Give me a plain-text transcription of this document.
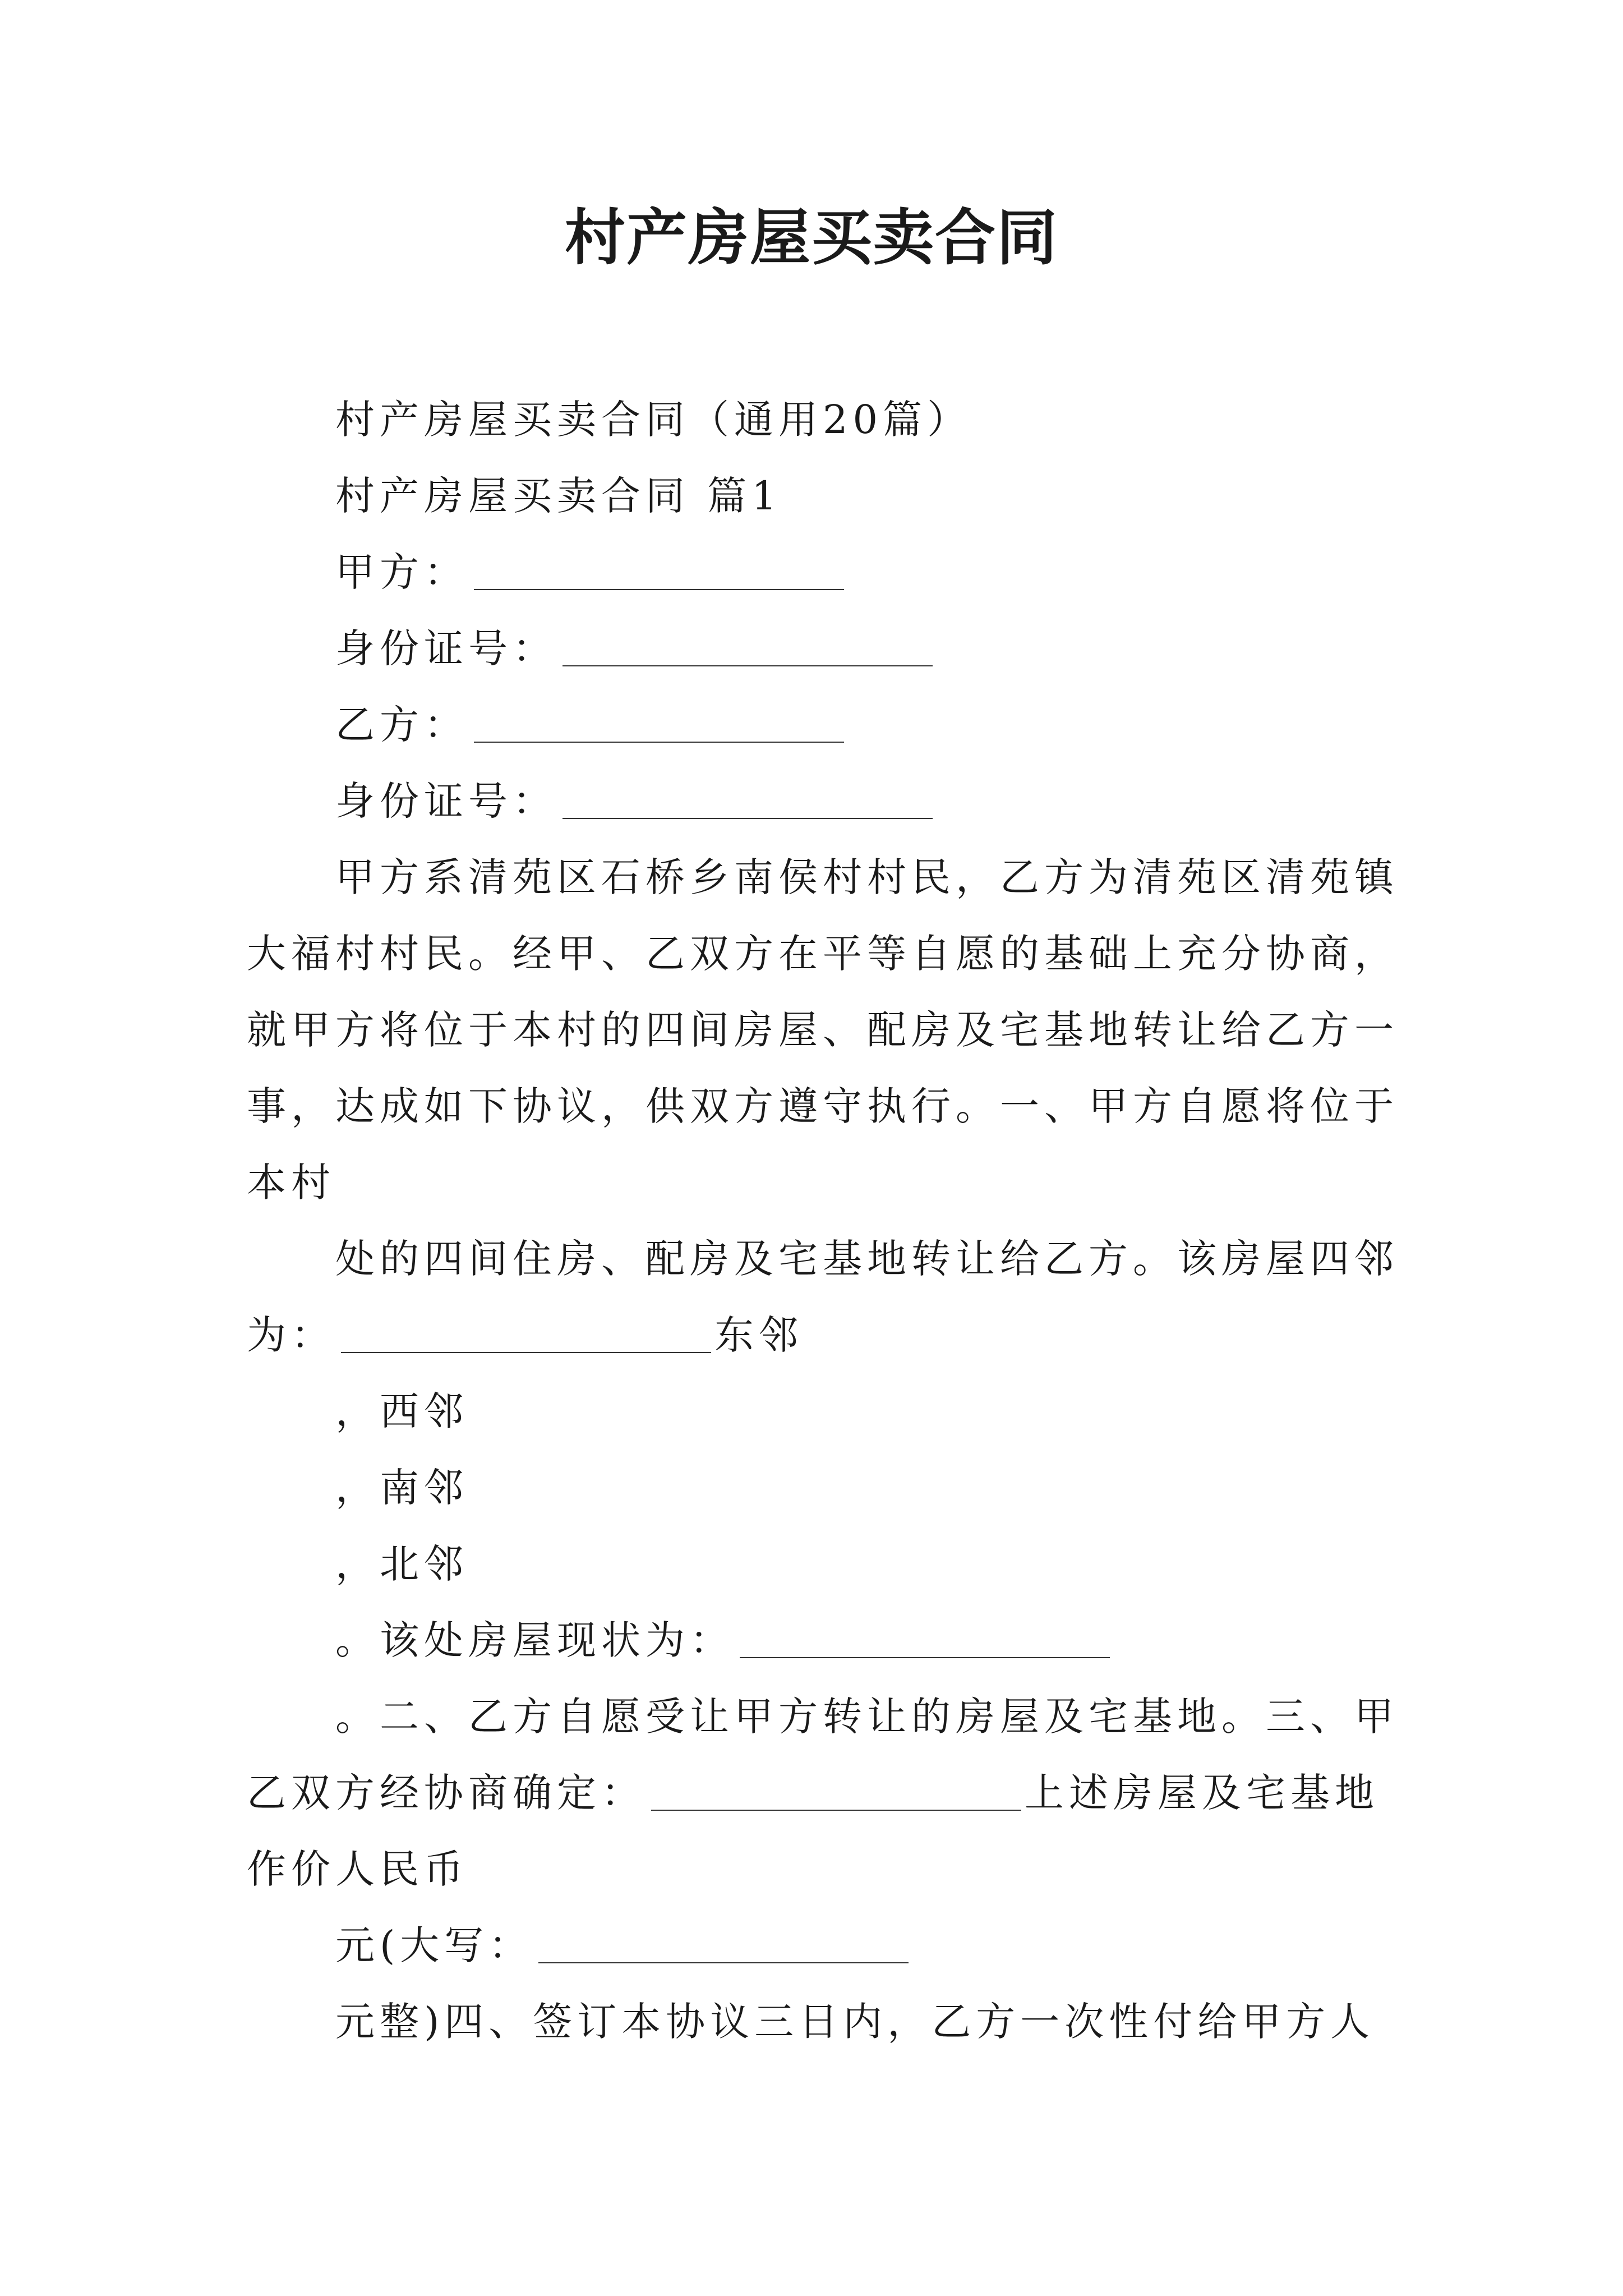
村产房屋买卖合同
村产房屋买卖合同（通用20篇）
村产房屋买卖合同 篇1
甲方：
身份证号：
乙方：
身份证号：
甲方系清苑区石桥乡南侯村村民，乙方为清苑区清苑镇
大福村村民。经甲、乙双方在平等自愿的基础上充分协商，
就甲方将位于本村的四间房屋、配房及宅基地转让给乙方一
事，达成如下协议，供双方遵守执行。一、甲方自愿将位于
本村
处的四间住房、配房及宅基地转让给乙方。该房屋四邻
为：	东邻
，西邻
，南邻
，北邻
。该处房屋现状为：
。二、乙方自愿受让甲方转让的房屋及宅基地。三、甲
乙双方经协商确定：	上述房屋及宅基地
作价人民币
元(大写：
元整)四、签订本协议三日内，乙方一次性付给甲方人
